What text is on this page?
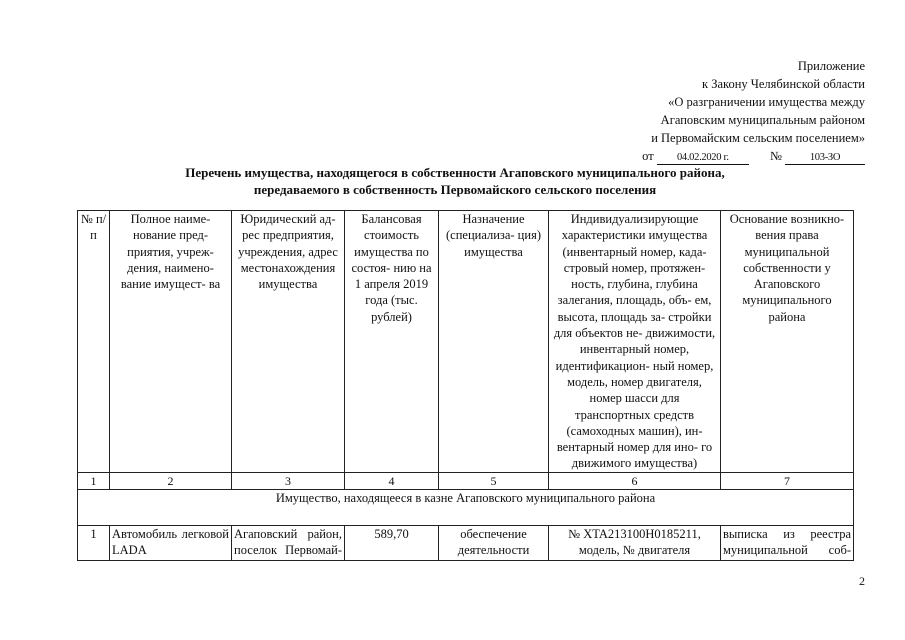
Приложение
к Закону Челябинской области
«О разграничении имущества между
Агаповским муниципальным районом
и Первомайским сельским поселением»
от 04.02.2020 г.	№	103-ЗО
Перечень имущества, находящегося в собственности Агаповского муниципального района,
передаваемого в собственность Первомайского сельского поселения
№ п/п	Полное наиме- нование пред- приятия, учреж- дения, наимено- вание имущест- ва	Юридический ад- рес предприятия, учреждения, адрес местонахождения имущества	Балансовая стоимость имущества по состоя- нию на 1 апреля 2019 года (тыс. рублей)	Назначение (специализа- ция) имущества	Индивидуализирующие характеристики имущества (инвентарный номер, када- стровый номер, протяжен- ность, глубина, глубина залегания, площадь, объ- ем, высота, площадь за- стройки для объектов не- движимости, инвентарный номер, идентификацион- ный номер, модель, номер двигателя, номер шасси для транспортных средств (самоходных машин), ин- вентарный номер для ино- го движимого имущества)	Основание возникно- вения права муниципальной собственности у Агаповского муниципального района
1	2	3	4	5	6	7
Имущество, находящееся в казне Агаповского муниципального района						
1	Автомобиль легковой LADA	Агаповский район, поселок Первомай-	589,70	обеспечение деятельности	№ XTA213100H0185211, модель, № двигателя	выписка из реестра муниципальной соб-
2
